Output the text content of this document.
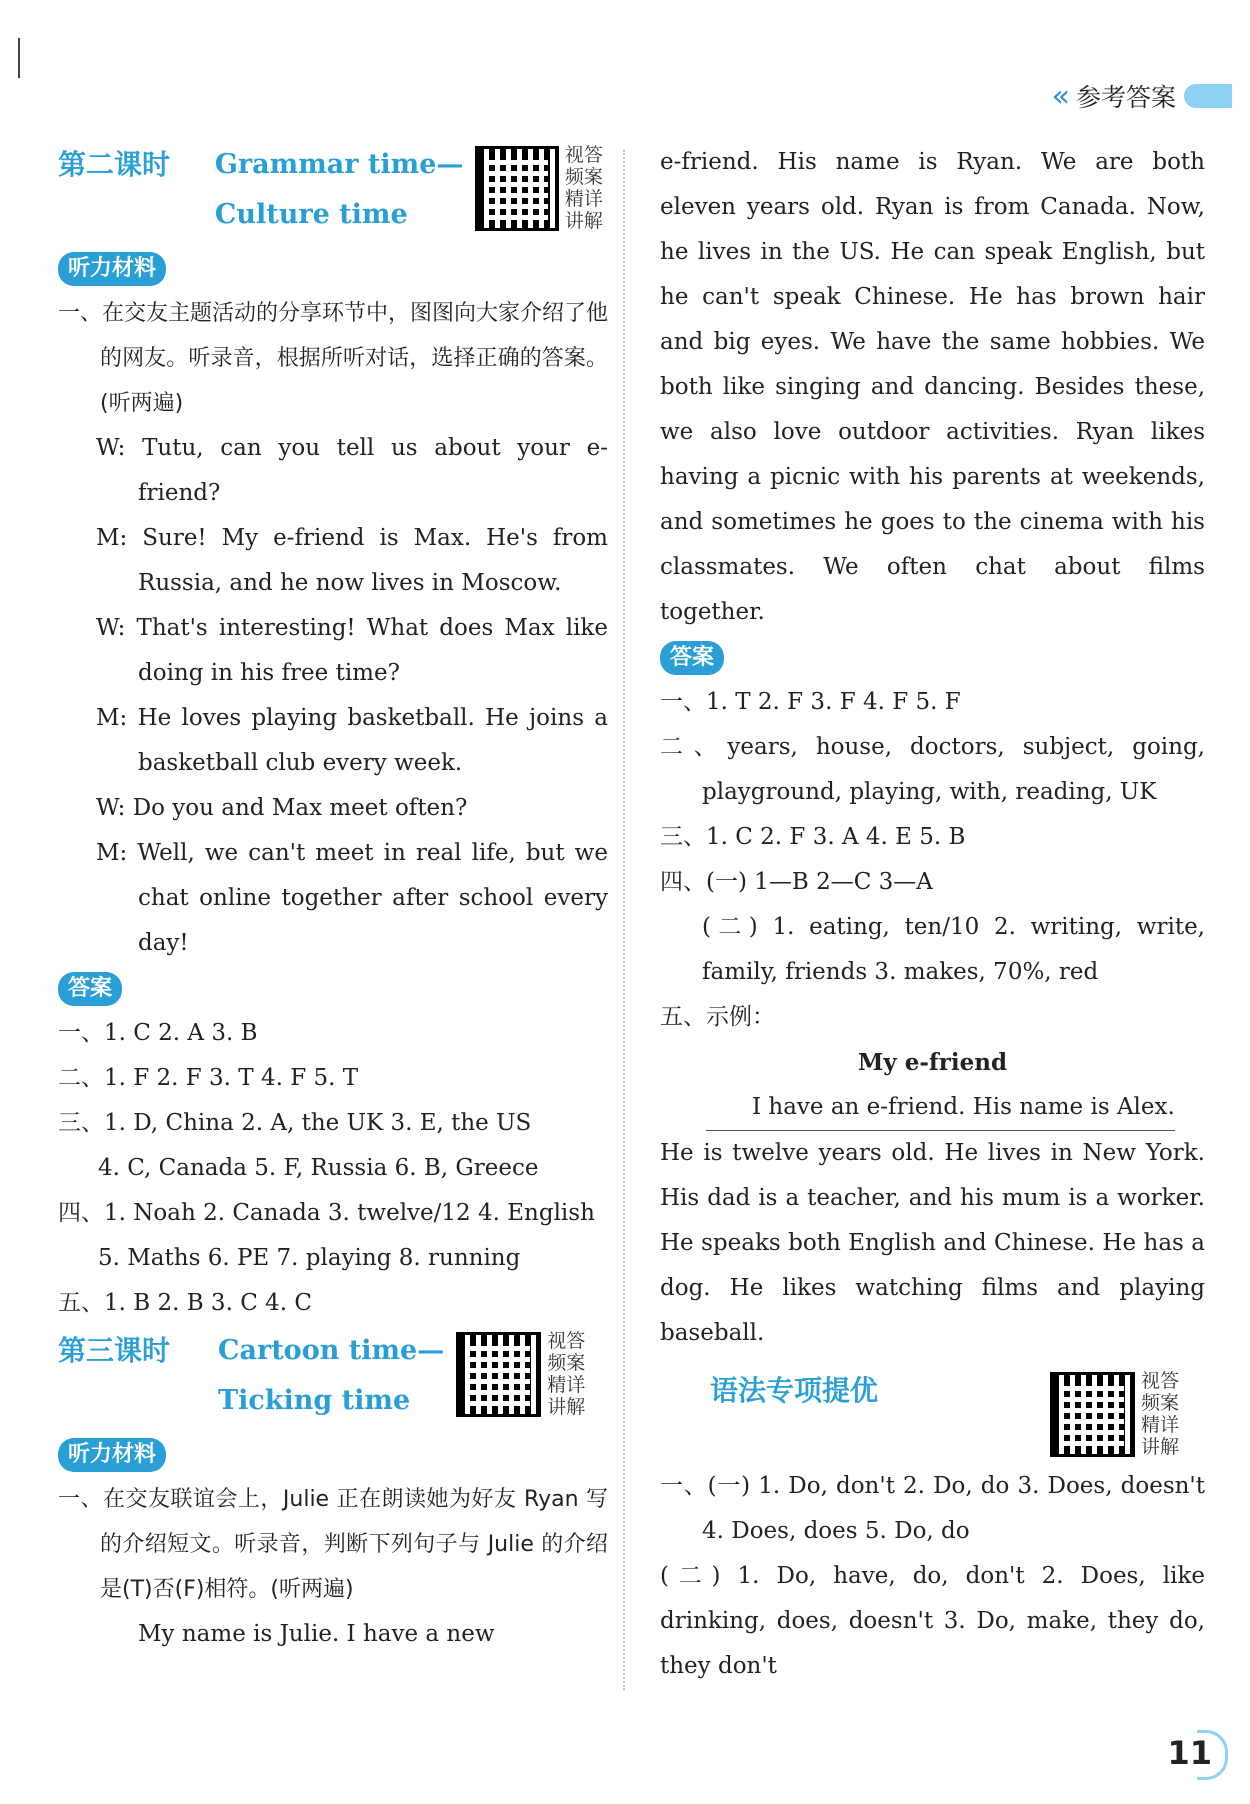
« 参考答案
第二课时	Grammar time—
Culture time
视答频案精详讲解
听力材料
一、在交友主题活动的分享环节中，图图向大家介绍了他的网友。听录音，根据所听对话，选择正确的答案。(听两遍)
W: Tutu, can you tell us about your e-friend?
M: Sure! My e-friend is Max. He's from Russia, and he now lives in Moscow.
W: That's interesting! What does Max like doing in his free time?
M: He loves playing basketball. He joins a basketball club every week.
W: Do you and Max meet often?
M: Well, we can't meet in real life, but we chat online together after school every day!
答案
一、1. C 2. A 3. B
二、1. F 2. F 3. T 4. F 5. T
三、1. D, China 2. A, the UK 3. E, the US
4. C, Canada 5. F, Russia 6. B, Greece
四、1. Noah 2. Canada 3. twelve/12 4. English
5. Maths 6. PE 7. playing 8. running
五、1. B 2. B 3. C 4. C
第三课时	Cartoon time—
Ticking time
视答频案精详讲解
听力材料
一、在交友联谊会上，Julie 正在朗读她为好友 Ryan 写的介绍短文。听录音，判断下列句子与 Julie 的介绍是(T)否(F)相符。(听两遍)
My name is Julie. I have a new
e-friend. His name is Ryan. We are both eleven years old. Ryan is from Canada. Now, he lives in the US. He can speak English, but he can't speak Chinese. He has brown hair and big eyes. We have the same hobbies. We both like singing and dancing. Besides these, we also love outdoor activities. Ryan likes having a picnic with his parents at weekends, and sometimes he goes to the cinema with his classmates. We often chat about films together.
答案
一、1. T 2. F 3. F 4. F 5. F
二、years, house, doctors, subject, going, playground, playing, with, reading, UK
三、1. C 2. F 3. A 4. E 5. B
四、(一) 1—B 2—C 3—A
(二) 1. eating, ten/10 2. writing, write, family, friends 3. makes, 70%, red
五、示例：
My e-friend
I have an e-friend. His name is Alex.
He is twelve years old. He lives in New York. His dad is a teacher, and his mum is a worker. He speaks both English and Chinese. He has a dog. He likes watching films and playing baseball.
语法专项提优	视答频案精详讲解
一、(一) 1. Do, don't 2. Do, do 3. Does, doesn't 4. Does, does 5. Do, do
(二) 1. Do, have, do, don't 2. Does, like drinking, does, doesn't 3. Do, make, they do, they don't
11
